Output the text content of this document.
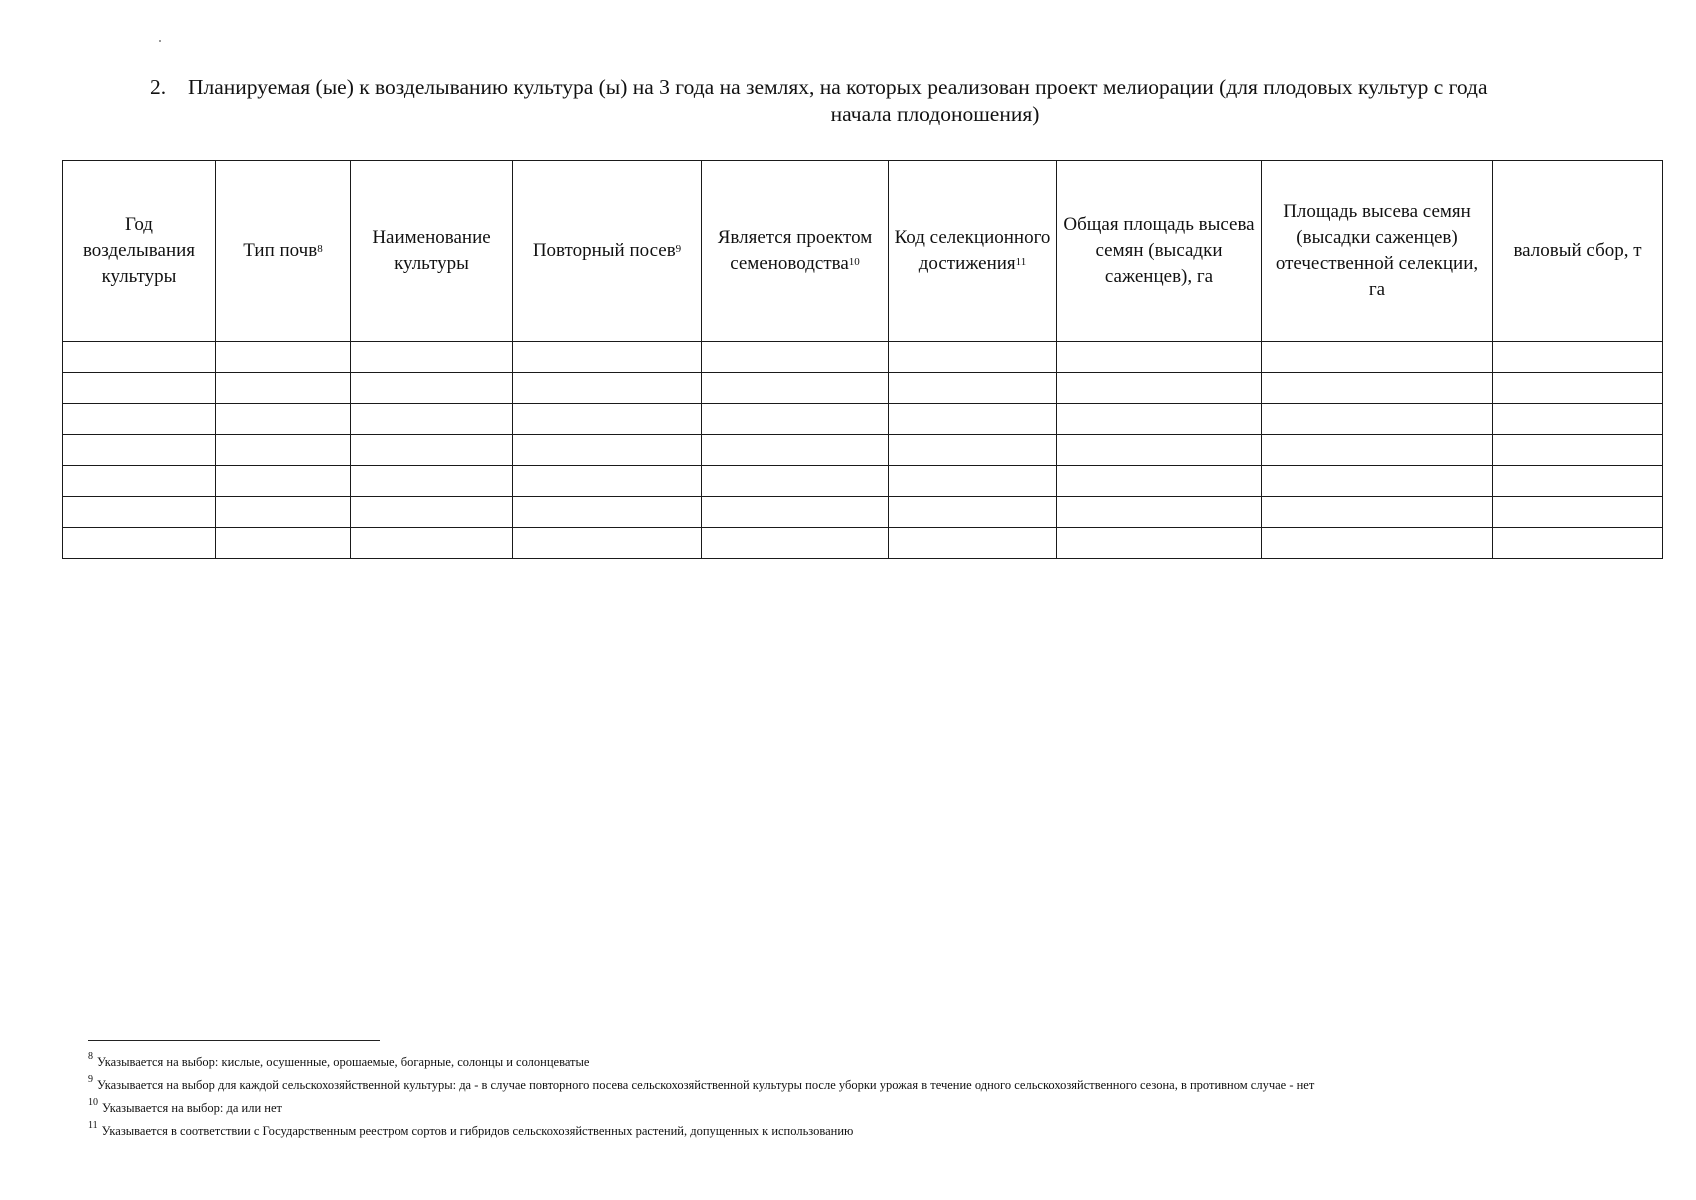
2. Планируемая (ые) к возделыванию культура (ы) на 3 года на землях, на которых реализован проект мелиорации (для плодовых культур с года
начала плодоношения)
Год возделывания культуры	Тип почв$^8$	Наименование культуры	Повторный посев$^9$	Является проектом семеноводства$^{10}$	Код селекционного достижения$^{11}$	Общая площадь высева семян (высадки саженцев), га	Площадь высева семян (высадки саженцев) отечественной селекции, га	валовый сбор, т

$^8$ Указывается на выбор: кислые, осушенные, орошаемые, богарные, солонцы и солонцеватые
$^9$ Указывается на выбор для каждой сельскохозяйственной культуры: да - в случае повторного посева сельскохозяйственной культуры после уборки урожая в течение одного сельскохозяйственного сезона, в противном случае - нет
$^{10}$ Указывается на выбор: да или нет
$^{11}$ Указывается в соответствии с Государственным реестром сортов и гибридов сельскохозяйственных растений, допущенных к использованию
